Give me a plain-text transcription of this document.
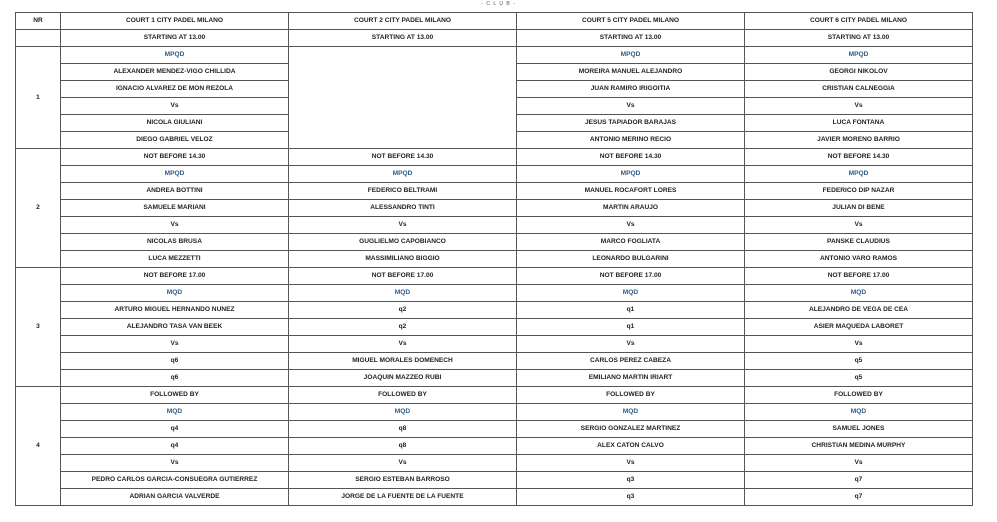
- C L U B -
NR	COURT 1 CITY PADEL MILANO	COURT 2 CITY PADEL MILANO	COURT 5 CITY PADEL MILANO	COURT 6 CITY PADEL MILANO
	STARTING AT 13.00	STARTING AT 13.00	STARTING AT 13.00	STARTING AT 13.00
1	MPQD		MPQD	MPQD
	ALEXANDER MENDEZ-VIGO CHILLIDA		MOREIRA MANUEL ALEJANDRO	GEORGI NIKOLOV
	IGNACIO ALVAREZ DE MON REZOLA		JUAN RAMIRO IRIGOITIA	CRISTIAN CALNEGGIA
	Vs		Vs	Vs
	NICOLA GIULIANI		JESUS TAPIADOR BARAJAS	LUCA FONTANA
	DIEGO GABRIEL VELOZ		ANTONIO MERINO RECIO	JAVIER MORENO BARRIO
2	NOT BEFORE 14.30	NOT BEFORE 14.30	NOT BEFORE 14.30	NOT BEFORE 14.30
	MPQD	MPQD	MPQD	MPQD
	ANDREA BOTTINI	FEDERICO BELTRAMI	MANUEL ROCAFORT LORES	FEDERICO DIP NAZAR
	SAMUELE MARIANI	ALESSANDRO TINTI	MARTIN ARAUJO	JULIAN DI BENE
	Vs	Vs	Vs	Vs
	NICOLAS BRUSA	GUGLIELMO CAPOBIANCO	MARCO FOGLIATA	PANSKE CLAUDIUS
	LUCA MEZZETTI	MASSIMILIANO BIGGIO	LEONARDO BULGARINI	ANTONIO VARO RAMOS
3	NOT BEFORE 17.00	NOT BEFORE 17.00	NOT BEFORE 17.00	NOT BEFORE 17.00
	MQD	MQD	MQD	MQD
	ARTURO MIGUEL HERNANDO NUNEZ	q2	q1	ALEJANDRO DE VEGA DE CEA
	ALEJANDRO TASA VAN BEEK	q2	q1	ASIER MAQUEDA LABORET
	Vs	Vs	Vs	Vs
	q6	MIGUEL MORALES DOMENECH	CARLOS PEREZ CABEZA	q5
	q6	JOAQUIN MAZZEO RUBI	EMILIANO MARTIN IRIART	q5
4	FOLLOWED BY	FOLLOWED BY	FOLLOWED BY	FOLLOWED BY
	MQD	MQD	MQD	MQD
	q4	q8	SERGIO GONZALEZ MARTINEZ	SAMUEL JONES
	q4	q8	ALEX CATON CALVO	CHRISTIAN MEDINA MURPHY
	Vs	Vs	Vs	Vs
	PEDRO CARLOS GARCIA-CONSUEGRA GUTIERREZ	SERGIO ESTEBAN BARROSO	q3	q7
	ADRIAN GARCIA VALVERDE	JORGE DE LA FUENTE DE LA FUENTE	q3	q7
